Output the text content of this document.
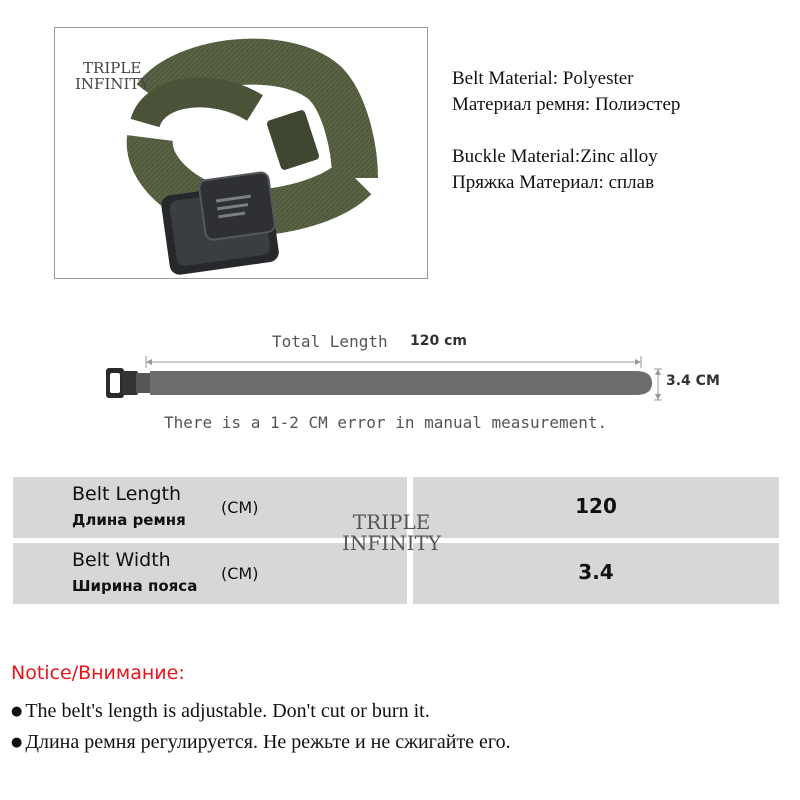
TRIPLE
INFINITY	Belt Material: Polyester
Материал ремня: Полиэстер
Buckle Material:Zinc alloy
Пряжка Материал: сплав
Total Length 120 cm
3.4 CM
There is a 1-2 CM error in manual measurement.
Belt Length
Длина ремня
(CM)	120
Belt Width
Ширина пояса
(CM)	3.4
TRIPLE
INFINITY
Notice/Внимание:
● The belt's length is adjustable. Don't cut or burn it.
● Длина ремня регулируется. Не режьте и не сжигайте его.
